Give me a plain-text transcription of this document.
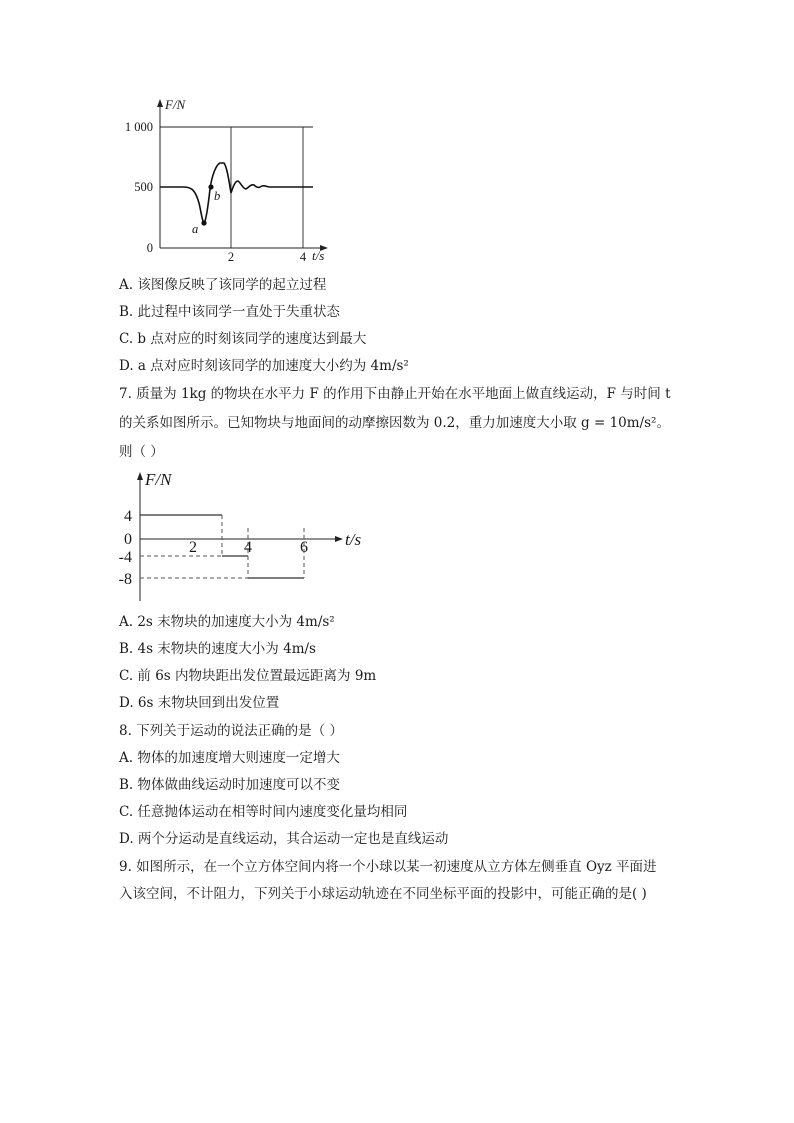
F/N
t/s
1 000
500
0
2	4
a
b
A. 该图像反映了该同学的起立过程
B. 此过程中该同学一直处于失重状态
C. b 点对应的时刻该同学的速度达到最大
D. a 点对应时刻该同学的加速度大小约为 4m/s²
7. 质量为 1kg 的物块在水平力 F 的作用下由静止开始在水平地面上做直线运动，F 与时间 t
的关系如图所示。已知物块与地面间的动摩擦因数为 0.2，重力加速度大小取 g = 10m/s²。
则（ ）
F/N
t/s
4
0
-4
-8
2	4	6
A. 2s 末物块的加速度大小为 4m/s²
B. 4s 末物块的速度大小为 4m/s
C. 前 6s 内物块距出发位置最远距离为 9m
D. 6s 末物块回到出发位置
8. 下列关于运动的说法正确的是（ ）
A. 物体的加速度增大则速度一定增大
B. 物体做曲线运动时加速度可以不变
C. 任意抛体运动在相等时间内速度变化量均相同
D. 两个分运动是直线运动，其合运动一定也是直线运动
9. 如图所示，在一个立方体空间内将一个小球以某一初速度从立方体左侧垂直 Oyz 平面进
入该空间，不计阻力，下列关于小球运动轨迹在不同坐标平面的投影中，可能正确的是( )
